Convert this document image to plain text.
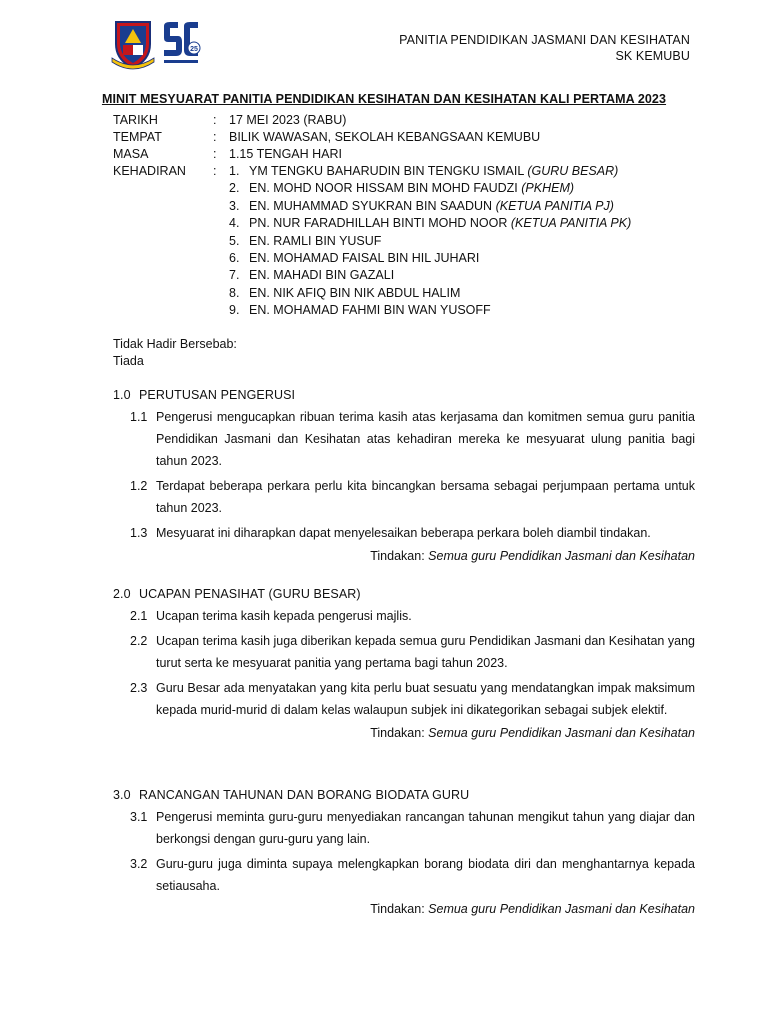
25
PANITIA PENDIDIKAN JASMANI DAN KESIHATAN
SK KEMUBU
MINIT MESYUARAT PANITIA PENDIDIKAN KESIHATAN DAN KESIHATAN KALI PERTAMA 2023
TARIKH	: 17 MEI 2023 (RABU)
TEMPAT	: BILIK WAWASAN, SEKOLAH KEBANGSAAN KEMUBU
MASA	: 1.15 TENGAH HARI
KEHADIRAN : 1. YM TENGKU BAHARUDIN BIN TENGKU ISMAIL (GURU BESAR)
2. EN. MOHD NOOR HISSAM BIN MOHD FAUDZI (PKHEM)
3. EN. MUHAMMAD SYUKRAN BIN SAADUN (KETUA PANITIA PJ)
4. PN. NUR FARADHILLAH BINTI MOHD NOOR (KETUA PANITIA PK)
5. EN. RAMLI BIN YUSUF
6. EN. MOHAMAD FAISAL BIN HIL JUHARI
7. EN. MAHADI BIN GAZALI
8. EN. NIK AFIQ BIN NIK ABDUL HALIM
9. EN. MOHAMAD FAHMI BIN WAN YUSOFF
Tidak Hadir Bersebab:
Tiada
1.0 PERUTUSAN PENGERUSI
1.1 Pengerusi mengucapkan ribuan terima kasih atas kerjasama dan komitmen semua guru panitia Pendidikan Jasmani dan Kesihatan atas kehadiran mereka ke mesyuarat ulung panitia bagi tahun 2023.
1.2 Terdapat beberapa perkara perlu kita bincangkan bersama sebagai perjumpaan pertama untuk tahun 2023.
1.3 Mesyuarat ini diharapkan dapat menyelesaikan beberapa perkara boleh diambil tindakan.
Tindakan: Semua guru Pendidikan Jasmani dan Kesihatan
2.0 UCAPAN PENASIHAT (GURU BESAR)
2.1 Ucapan terima kasih kepada pengerusi majlis.
2.2 Ucapan terima kasih juga diberikan kepada semua guru Pendidikan Jasmani dan Kesihatan yang turut serta ke mesyuarat panitia yang pertama bagi tahun 2023.
2.3 Guru Besar ada menyatakan yang kita perlu buat sesuatu yang mendatangkan impak maksimum kepada murid-murid di dalam kelas walaupun subjek ini dikategorikan sebagai subjek elektif.
Tindakan: Semua guru Pendidikan Jasmani dan Kesihatan
3.0 RANCANGAN TAHUNAN DAN BORANG BIODATA GURU
3.1 Pengerusi meminta guru-guru menyediakan rancangan tahunan mengikut tahun yang diajar dan berkongsi dengan guru-guru yang lain.
3.2 Guru-guru juga diminta supaya melengkapkan borang biodata diri dan menghantarnya kepada setiausaha.
Tindakan: Semua guru Pendidikan Jasmani dan Kesihatan
